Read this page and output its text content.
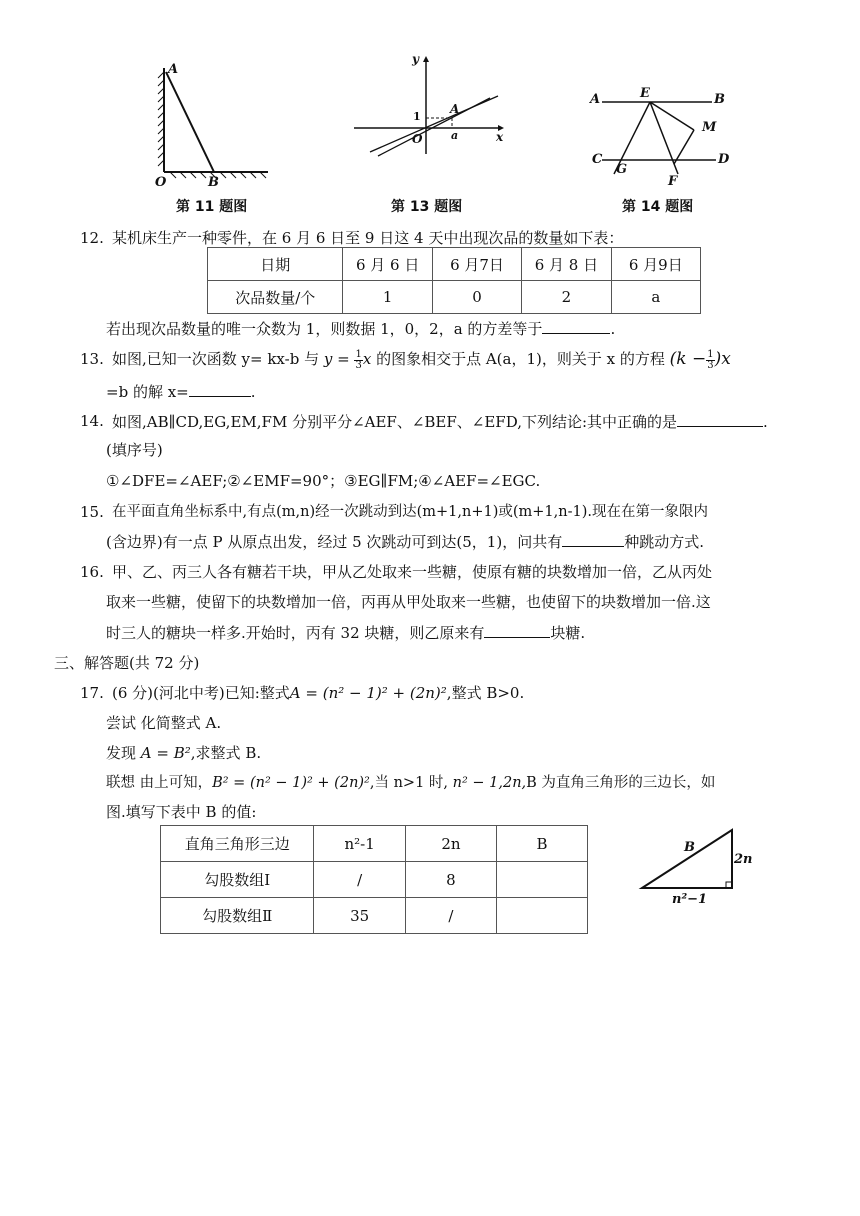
A
O	B
第 11 题图
y
x
1
A
O	a
第 13 题图
A	E	B
M
C
G
D
F
第 14 题图
12. 某机床生产一种零件，在 6 月 6 日至 9 日这 4 天中出现次品的数量如下表：
日期	6 月 6 日	6 月7日	6 月 8 日	6 月9日
次品数量/个	1	0	2	a
若出现次品数量的唯一众数为 1，则数据 1，0，2，a 的方差等于	.
13. 如图,已知一次函数 y= kx-b 与 $y = \frac{1}{3}$ x 的图象相交于点 A(a，1)，则关于 x 的方程 $(k - \frac{1}{3} )x$
=b 的解 x=	.
14. 如图,AB∥CD,EG,EM,FM 分别平分∠AEF、∠BEF、∠EFD,下列结论:其中正确的是	.
(填序号)
①∠DFE=∠AEF;②∠EMF=90°；③EG∥FM;④∠AEF=∠EGC.
15. 在平面直角坐标系中,有点(m,n)经一次跳动到达(m+1,n+1)或(m+1,n-1).现在在第一象限内
(含边界)有一点 P 从原点出发，经过 5 次跳动可到达(5，1)，问共有	种跳动方式.
16. 甲、乙、丙三人各有糖若干块，甲从乙处取来一些糖，使原有糖的块数增加一倍，乙从丙处
取来一些糖，使留下的块数增加一倍，丙再从甲处取来一些糖，也使留下的块数增加一倍.这
时三人的糖块一样多.开始时，丙有 32 块糖，则乙原来有	块糖.
三、解答题(共 72 分)
17. (6 分)(河北中考)已知:整式A = (n² − 1)² + (2n)²,整式 B>0.
尝试 化简整式 A.
发现 A = B²,求整式 B.
联想 由上可知，B² = (n² − 1)² + (2n)²,当 n>1 时, n² − 1,2n,B 为直角三角形的三边长，如
图.填写下表中 B 的值:
直角三角形三边	n²-1	2n	B
勾股数组Ⅰ	/	8	
勾股数组Ⅱ	35	/	
B
2n
n²−1
